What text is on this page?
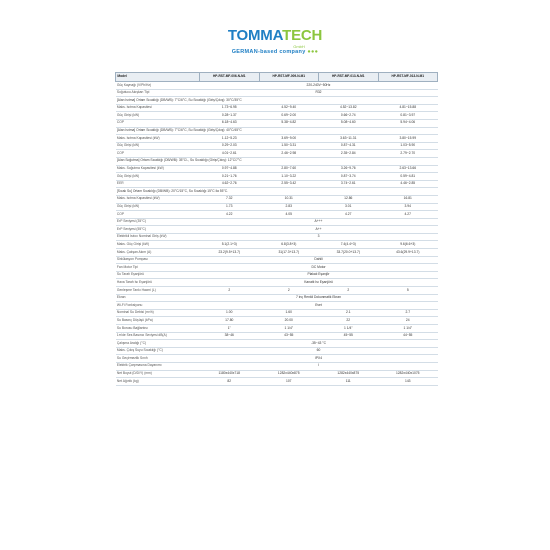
TOMMATECH
GmbH
GERMAN-based company ●●●
Model	HP-RST-MF-006-N-M1	HP-RST-MF-009-N-M1	HP-RST-MF-013-N-M1	HP-RST-MF-013-N-M1
Güç Kaynağı (V/Ph/Hz)	220-240V~50Hz			
Soğutucu Akışkan Tipi	R32			
[Alan Isıtma] Ortam Sıcaklığı (DB/WB): 7°C/6°C, Su Sıcaklığı (Giriş/Çıkış): 30°C/35°C				
Maks. Isıtma Kapasitesi	1.73~6.95	4.52~9.40	4.52~13.82	4.81~15.88
Güç Girişi (kW)	0.28~1.37	0.69~2.00	0.66~2.74	0.81~3.97
COP	6.18~4.63	5.38~4.82	5.08~4.60	5.94~4.06
[Alan Isıtma] Ortam Sıcaklığı (DB/WB): 7°C/6°C, Su Sıcaklığı (Giriş/Çıkış): 40°C/45°C				
Maks. Isıtma Kapasitesi (kW)	1.12~5.23	3.69~9.00	3.63~11.31	3.80~15.99
Güç Girişi (kW)	0.29~2.03	1.50~3.31	0.87~4.31	1.03~5.90
COP	4.01~2.61	2.46~2.98	2.35~2.84	2.79~2.70
[Alan Soğutma] Ortam Sıcaklığı (DB/WB): 35°C/-, Su Sıcaklığı (Giriş/Çıkış): 12°C/7°C				
Maks. Soğutma Kapasitesi (kW)	0.97~4.88	2.80~7.60	3.26~9.76	2.63~13.66
Güç Girişi (kW)	0.21~1.76	1.10~3.22	0.87~3.74	0.59~4.81
EER	4.62~2.76	2.55~3.42	3.74~2.61	4.46~2.85
[Sıcak Su] Ortam Sıcaklığı (DB/WB): 20°C/15°C, Su Sıcaklığı 15°C ila 55°C.				
Maks. Isıtma Kapasitesi (kW)	7.32	10.31	12.86	16.81
Güç Girişi (kW)	1.73	2.83	3.01	3.94
COP	4.22	4.05	4.27	4.27
ErP Seviyesi (35°C)	A+++			
ErP Seviyesi (55°C)	A++			
Elektrikli Isıtıcı Nominal Giriş (kW)	3			
Maks. Güç Girişi (kW)	5.1(2.1+3)	6.8(3.8+3)	7.4(4.4+3)	9.6(6.6+3)
Maks. Çalışan Akım (A)	23.2(9.5+13.7)	31(17.3+13.7)	33.7(20.0+13.7)	43.6(29.9+13.7)
Sirkülasyon Pompası	Dahili			
Fan Motor Tipi	DC Motor			
Su Tarafı Eşanjörü	Plakalı Eşanjör			
Hava Tarafı Isı Eşanjörü	Kanatlı Isı Eşanjörü			
Genleşme Tankı Hacmi (L)	2	2	2	5
Ekran	7 inç Renkli Dokunmatik Ekran			
Wi-Fi Fonksiyonu	Evet			
Nominal Su Debisi (m³/h)	1.00	1.60	2.1	2.7
Su Basınç Düşüşü (kPa)	17.80	20.00	22	24
Su Borusu Bağlantısı	1"	1 1/4"	1 1/4"	1 1/4"
1m'de Ses Basıncı Seviyesi dB(A)	38~46	43~55	45~55	44~55
Çalışma Aralığı (°C)	-35~43 °C			
Maks. Çıkış Suyu Sıcaklığı (°C)	60			
Su Geçirmezlik Sınıfı	IPX4			
Elektrik Çarpmasına Dayanımı	I			
Net Boyut (D/D/Y) (mm)	1180x440x718	1282x440x875	1282x440x875	1282x440x1075
Net Ağırlık (kg)	82	107	111	143
